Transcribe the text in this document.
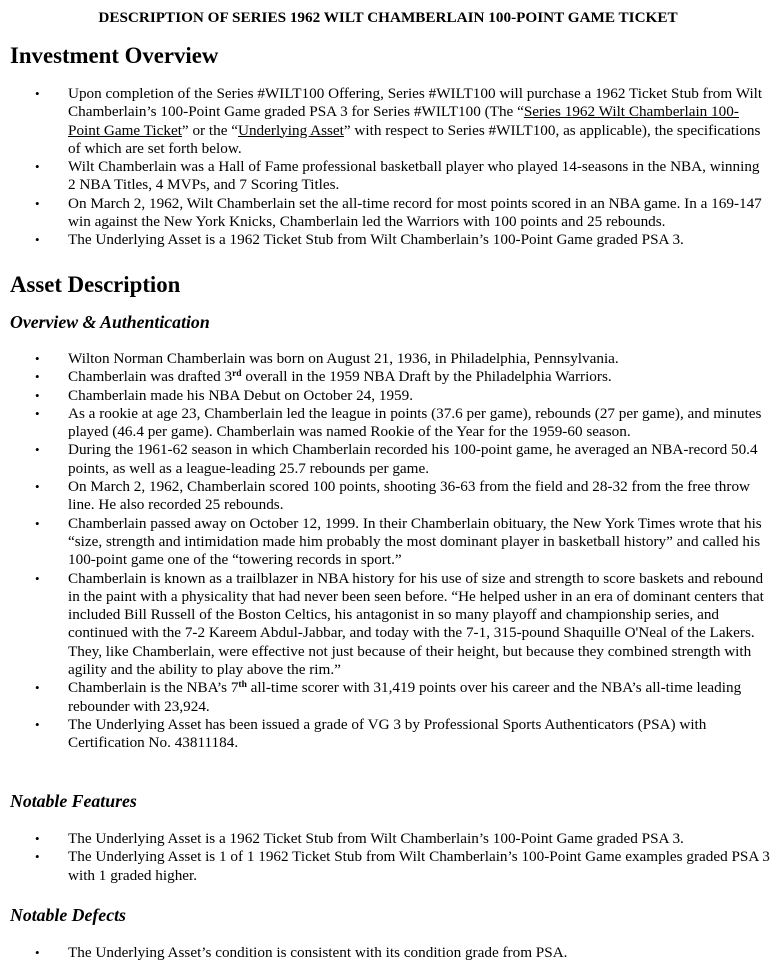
DESCRIPTION OF SERIES 1962 WILT CHAMBERLAIN 100-POINT GAME TICKET
Investment Overview
• Upon completion of the Series #WILT100 Offering, Series #WILT100 will purchase a 1962 Ticket Stub from Wilt Chamberlain’s 100-Point Game graded PSA 3 for Series #WILT100 (The “Series 1962 Wilt Chamberlain 100-Point Game Ticket” or the “Underlying Asset” with respect to Series #WILT100, as applicable), the specifications of which are set forth below.
• Wilt Chamberlain was a Hall of Fame professional basketball player who played 14-seasons in the NBA, winning 2 NBA Titles, 4 MVPs, and 7 Scoring Titles.
• On March 2, 1962, Wilt Chamberlain set the all-time record for most points scored in an NBA game. In a 169-147 win against the New York Knicks, Chamberlain led the Warriors with 100 points and 25 rebounds.
• The Underlying Asset is a 1962 Ticket Stub from Wilt Chamberlain’s 100-Point Game graded PSA 3.
Asset Description
Overview & Authentication
• Wilton Norman Chamberlain was born on August 21, 1936, in Philadelphia, Pennsylvania.
• Chamberlain was drafted 3rd overall in the 1959 NBA Draft by the Philadelphia Warriors.
• Chamberlain made his NBA Debut on October 24, 1959.
• As a rookie at age 23, Chamberlain led the league in points (37.6 per game), rebounds (27 per game), and minutes played (46.4 per game). Chamberlain was named Rookie of the Year for the 1959-60 season.
• During the 1961-62 season in which Chamberlain recorded his 100-point game, he averaged an NBA-record 50.4 points, as well as a league-leading 25.7 rebounds per game.
• On March 2, 1962, Chamberlain scored 100 points, shooting 36-63 from the field and 28-32 from the free throw line. He also recorded 25 rebounds.
• Chamberlain passed away on October 12, 1999. In their Chamberlain obituary, the New York Times wrote that his “size, strength and intimidation made him probably the most dominant player in basketball history” and called his 100-point game one of the “towering records in sport.”
• Chamberlain is known as a trailblazer in NBA history for his use of size and strength to score baskets and rebound in the paint with a physicality that had never been seen before. “He helped usher in an era of dominant centers that included Bill Russell of the Boston Celtics, his antagonist in so many playoff and championship series, and continued with the 7-2 Kareem Abdul-Jabbar, and today with the 7-1, 315-pound Shaquille O'Neal of the Lakers. They, like Chamberlain, were effective not just because of their height, but because they combined strength with agility and the ability to play above the rim.”
• Chamberlain is the NBA’s 7th all-time scorer with 31,419 points over his career and the NBA’s all-time leading rebounder with 23,924.
• The Underlying Asset has been issued a grade of VG 3 by Professional Sports Authenticators (PSA) with Certification No. 43811184.
Notable Features
• The Underlying Asset is a 1962 Ticket Stub from Wilt Chamberlain’s 100-Point Game graded PSA 3.
• The Underlying Asset is 1 of 1 1962 Ticket Stub from Wilt Chamberlain’s 100-Point Game examples graded PSA 3 with 1 graded higher.
Notable Defects
• The Underlying Asset’s condition is consistent with its condition grade from PSA.
